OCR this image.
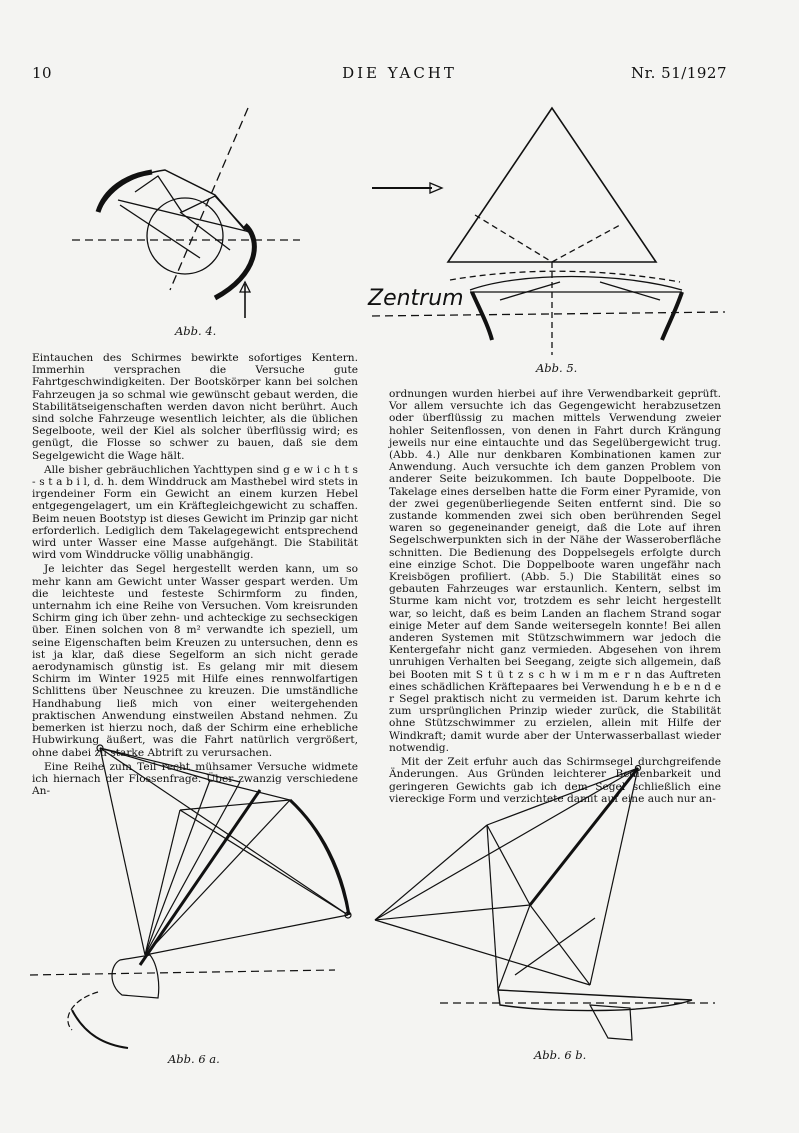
10	DIE YACHT	Nr. 51/1927
Abb. 4.
Zentrum
Abb. 5.

Eintauchen des Schirmes bewirkte sofortiges Kentern. Immerhin versprachen die Versuche gute Fahrtgeschwindigkeiten. Der Bootskörper kann bei solchen Fahrzeugen ja so schmal wie gewünscht gebaut werden, die Stabilitätseigenschaften werden davon nicht berührt. Auch sind solche Fahrzeuge wesentlich leichter, als die üblichen Segelboote, weil der Kiel als solcher überflüssig wird; es genügt, die Flosse so schwer zu bauen, daß sie dem Segelgewicht die Wage hält.

Alle bisher gebräuchlichen Yachttypen sind g e w i c h t s - s t a b i l, d. h. dem Winddruck am Masthebel wird stets in irgendeiner Form ein Gewicht an einem kurzen Hebel entgegengelagert, um ein Kräftegleichgewicht zu schaffen. Beim neuen Bootstyp ist dieses Gewicht im Prinzip gar nicht erforderlich. Lediglich dem Takelagegewicht entsprechend wird unter Wasser eine Masse aufgehängt. Die Stabilität wird vom Winddrucke völlig unabhängig.

Je leichter das Segel hergestellt werden kann, um so mehr kann am Gewicht unter Wasser gespart werden. Um die leichteste und festeste Schirmform zu finden, unternahm ich eine Reihe von Versuchen. Vom kreisrunden Schirm ging ich über zehn- und achteckige zu sechseckigen über. Einen solchen von 8 m² verwandte ich speziell, um seine Eigenschaften beim Kreuzen zu untersuchen, denn es ist ja klar, daß diese Segelform an sich nicht gerade aerodynamisch günstig ist. Es gelang mir mit diesem Schirm im Winter 1925 mit Hilfe eines rennwolfartigen Schlittens über Neuschnee zu kreuzen. Die umständliche Handhabung ließ mich von einer weitergehenden praktischen Anwendung einstweilen Abstand nehmen. Zu bemerken ist hierzu noch, daß der Schirm eine erhebliche Hubwirkung äußert, was die Fahrt natürlich vergrößert, ohne dabei zu starke Abtrift zu verursachen.

Eine Reihe zum Teil recht mühsamer Versuche widmete ich hiernach der Flossenfrage. Über zwanzig verschiedene An-

ordnungen wurden hierbei auf ihre Verwendbarkeit geprüft. Vor allem versuchte ich das Gegengewicht herabzusetzen oder überflüssig zu machen mittels Verwendung zweier hohler Seitenflossen, von denen in Fahrt durch Krängung jeweils nur eine eintauchte und das Segelübergewicht trug. (Abb. 4.) Alle nur denkbaren Kombinationen kamen zur Anwendung. Auch versuchte ich dem ganzen Problem von anderer Seite beizukommen. Ich baute Doppelboote. Die Takelage eines derselben hatte die Form einer Pyramide, von der zwei gegenüberliegende Seiten entfernt sind. Die so zustande kommenden zwei sich oben berührenden Segel waren so gegeneinander geneigt, daß die Lote auf ihren Segelschwerpunkten sich in der Nähe der Wasseroberfläche schnitten. Die Bedienung des Doppelsegels erfolgte durch eine einzige Schot. Die Doppelboote waren ungefähr nach Kreisbögen profiliert. (Abb. 5.) Die Stabilität eines so gebauten Fahrzeuges war erstaunlich. Kentern, selbst im Sturme kam nicht vor, trotzdem es sehr leicht hergestellt war, so leicht, daß es beim Landen an flachem Strand sogar einige Meter auf dem Sande weitersegeln konnte! Bei allen anderen Systemen mit Stützschwimmern war jedoch die Kentergefahr nicht ganz vermieden. Abgesehen von ihrem unruhigen Verhalten bei Seegang, zeigte sich allgemein, daß bei Booten mit S t ü t z s c h w i m m e r n das Auftreten eines schädlichen Kräftepaares bei Verwendung h e b e n d e r Segel praktisch nicht zu vermeiden ist. Darum kehrte ich zum ursprünglichen Prinzip wieder zurück, die Stabilität ohne Stützschwimmer zu erzielen, allein mit Hilfe der Windkraft; damit wurde aber der Unterwasserballast wieder notwendig.

Mit der Zeit erfuhr auch das Schirmsegel durchgreifende Änderungen. Aus Gründen leichterer Bedienbarkeit und geringeren Gewichts gab ich dem Segel schließlich eine viereckige Form und verzichtete damit auf eine auch nur an-

Abb. 6 a.	Abb. 6 b.
